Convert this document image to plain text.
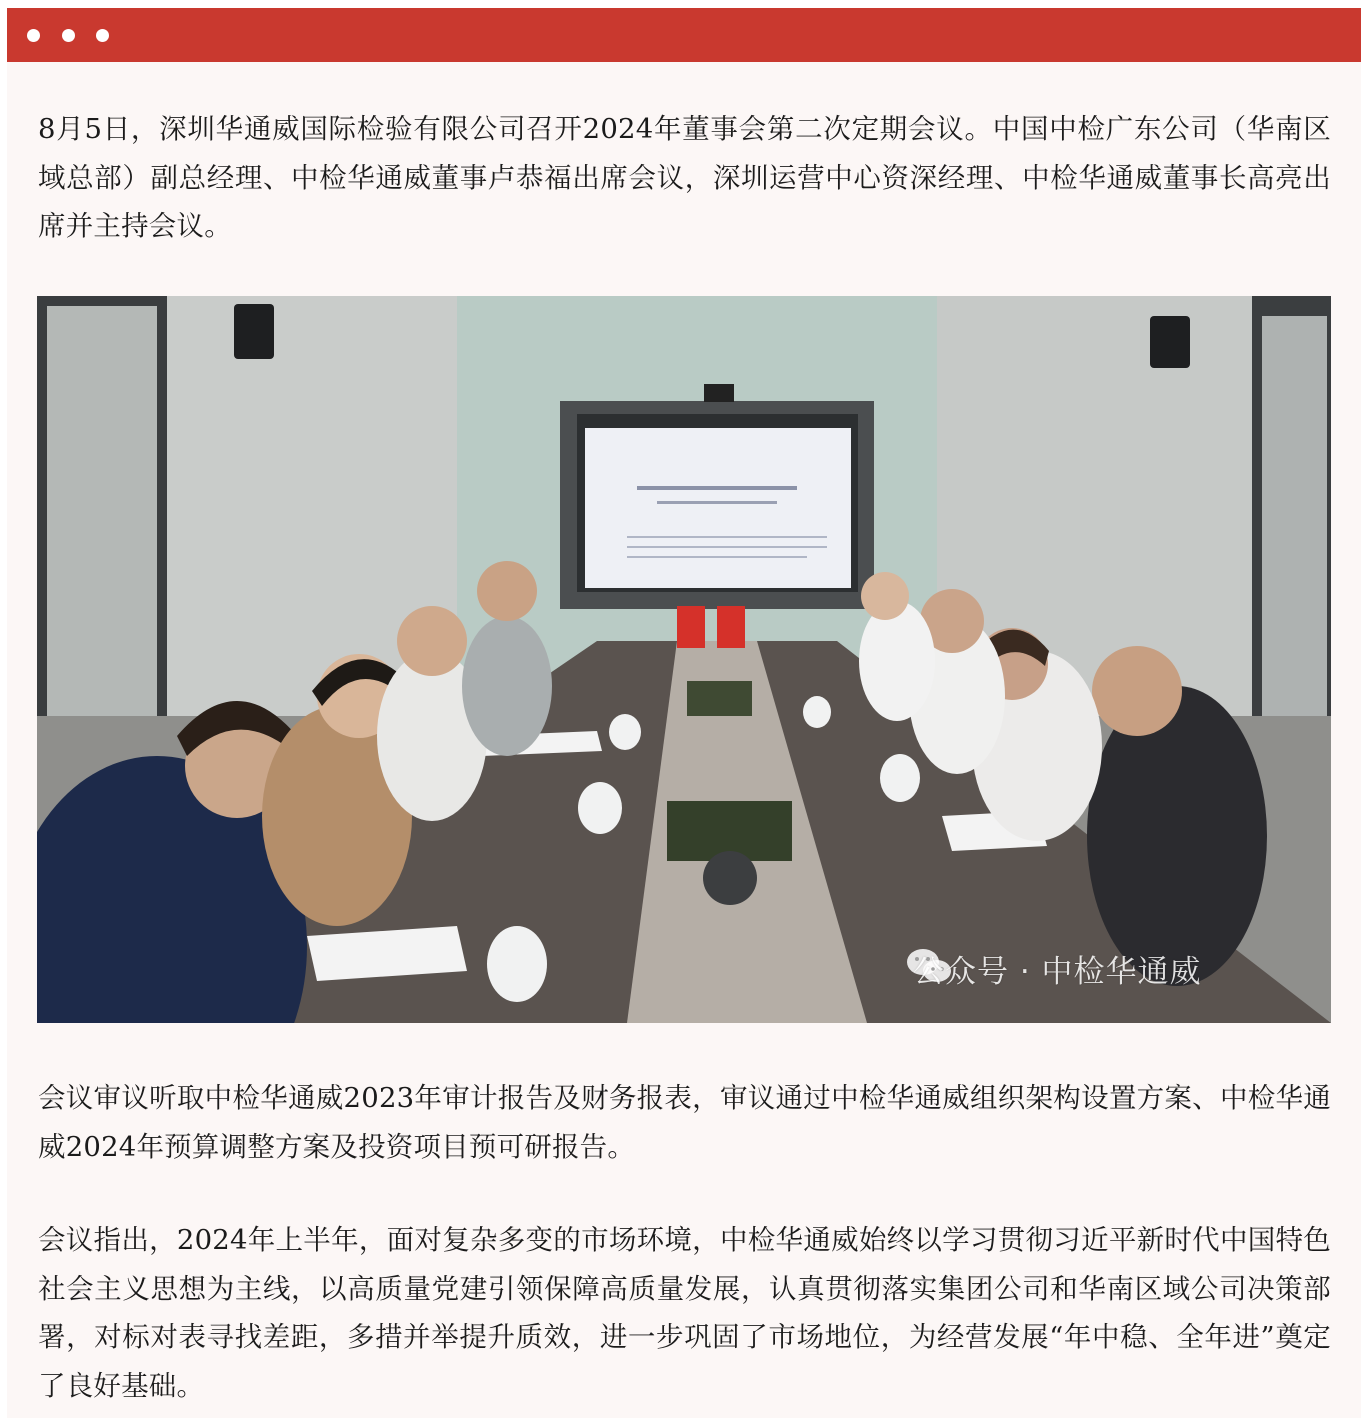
8月5日，深圳华通威国际检验有限公司召开2024年董事会第二次定期会议。中国中检广东公司（华南区域总部）副总经理、中检华通威董事卢恭福出席会议，深圳运营中心资深经理、中检华通威董事长高亮出席并主持会议。

公众号 · 中检华通威

会议审议听取中检华通威2023年审计报告及财务报表，审议通过中检华通威组织架构设置方案、中检华通威2024年预算调整方案及投资项目预可研报告。

会议指出，2024年上半年，面对复杂多变的市场环境，中检华通威始终以学习贯彻习近平新时代中国特色社会主义思想为主线，以高质量党建引领保障高质量发展，认真贯彻落实集团公司和华南区域公司决策部署，对标对表寻找差距，多措并举提升质效，进一步巩固了市场地位，为经营发展“年中稳、全年进”奠定了良好基础。
